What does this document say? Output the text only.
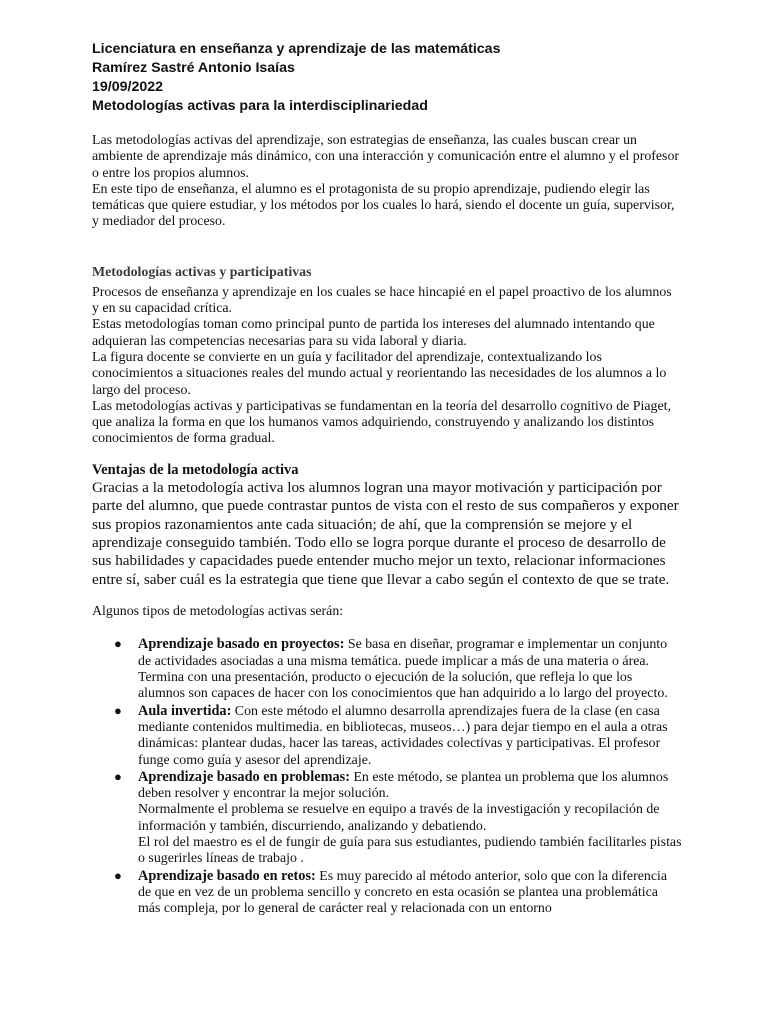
Licenciatura en enseñanza y aprendizaje de las matemáticas

Ramírez Sastré Antonio Isaías

19/09/2022

Metodologías activas para la interdisciplinariedad

Las metodologías activas del aprendizaje, son estrategias de enseñanza, las cuales buscan crear un ambiente de aprendizaje más dinámico, con una interacción y comunicación entre el alumno y el profesor o entre los propios alumnos.

En este tipo de enseñanza, el alumno es el protagonista de su propio aprendizaje, pudiendo elegir las temáticas que quiere estudiar, y los métodos por los cuales lo hará, siendo el docente un guía, supervisor, y mediador del proceso.

Metodologías activas y participativas

Procesos de enseñanza y aprendizaje en los cuales se hace hincapié en el papel proactivo de los alumnos y en su capacidad crítica.

Estas metodologías toman como principal punto de partida los intereses del alumnado intentando que adquieran las competencias necesarias para su vida laboral y diaria.

La figura docente se convierte en un guía y facilitador del aprendizaje, contextualizando los conocimientos a situaciones reales del mundo actual y reorientando las necesidades de los alumnos a lo largo del proceso.

Las metodologías activas y participativas se fundamentan en la teoría del desarrollo cognitivo de Piaget, que analiza la forma en que los humanos vamos adquiriendo, construyendo y analizando los distintos conocimientos de forma gradual.

Ventajas de la metodología activa

Gracias a la metodología activa los alumnos logran una mayor motivación y participación por parte del alumno, que puede contrastar puntos de vista con el resto de sus compañeros y exponer sus propios razonamientos ante cada situación; de ahí, que la comprensión se mejore y el aprendizaje conseguido también. Todo ello se logra porque durante el proceso de desarrollo de sus habilidades y capacidades puede entender mucho mejor un texto, relacionar informaciones entre sí, saber cuál es la estrategia que tiene que llevar a cabo según el contexto de que se trate.

Algunos tipos de metodologías activas serán:

● Aprendizaje basado en proyectos: Se basa en diseñar, programar e implementar un conjunto de actividades asociadas a una misma temática. puede implicar a más de una materia o área. Termina con una presentación, producto o ejecución de la solución, que refleja lo que los alumnos son capaces de hacer con los conocimientos que han adquirido a lo largo del proyecto.
● Aula invertida: Con este método el alumno desarrolla aprendizajes fuera de la clase (en casa mediante contenidos multimedia. en bibliotecas, museos…) para dejar tiempo en el aula a otras dinámicas: plantear dudas, hacer las tareas, actividades colectivas y participativas. El profesor funge como guía y asesor del aprendizaje.
● Aprendizaje basado en problemas: En este método, se plantea un problema que los alumnos deben resolver y encontrar la mejor solución.
Normalmente el problema se resuelve en equipo a través de la investigación y recopilación de información y también, discurriendo, analizando y debatiendo.
El rol del maestro es el de fungir de guía para sus estudiantes, pudiendo también facilitarles pistas o sugerirles líneas de trabajo .
● Aprendizaje basado en retos: Es muy parecido al método anterior, solo que con la diferencia de que en vez de un problema sencillo y concreto en esta ocasión se plantea una problemática más compleja, por lo general de carácter real y relacionada con un entorno
